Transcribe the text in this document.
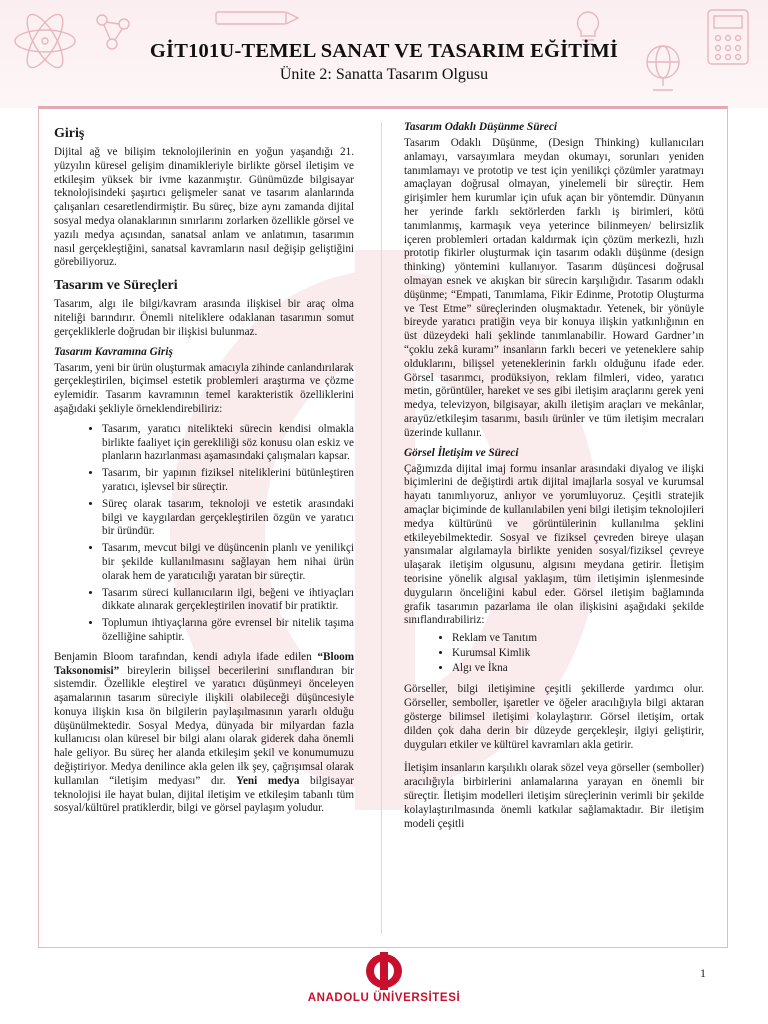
GİT101U-TEMEL SANAT VE TASARIM EĞİTİMİ
Ünite 2: Sanatta Tasarım Olgusu
Giriş

Dijital ağ ve bilişim teknolojilerinin en yoğun yaşandığı 21. yüzyılın küresel gelişim dinamikleriyle birlikte görsel iletişim ve etkileşim yüksek bir ivme kazanmıştır. Günümüzde bilgisayar teknolojisindeki şaşırtıcı gelişmeler sanat ve tasarım alanlarında çalışanları cesaretlendirmiştir. Bu süreç, bize aynı zamanda dijital sosyal medya olanaklarının sınırlarını zorlarken özellikle görsel ve yazılı medya açısından, sanatsal anlam ve anlatımın, tasarımın nasıl gerçekleştiğini, sanatsal kavramların nasıl değişip geliştiğini görebiliyoruz.

Tasarım ve Süreçleri

Tasarım, algı ile bilgi/kavram arasında ilişkisel bir araç olma niteliği barındırır. Önemli niteliklere odaklanan tasarımın somut gerçekliklerle doğrudan bir ilişkisi bulunmaz.

Tasarım Kavramına Giriş

Tasarım, yeni bir ürün oluşturmak amacıyla zihinde canlandırılarak gerçekleştirilen, biçimsel estetik problemleri araştırma ve çözme eylemidir. Tasarım kavramının temel karakteristik özelliklerini aşağıdaki şekliyle örneklendirebiliriz:

• Tasarım, yaratıcı nitelikteki sürecin kendisi olmakla birlikte faaliyet için gerekliliği söz konusu olan eskiz ve planların hazırlanması aşamasındaki çalışmaları kapsar.
• Tasarım, bir yapının fiziksel niteliklerini bütünleştiren yaratıcı, işlevsel bir süreçtir.
• Süreç olarak tasarım, teknoloji ve estetik arasındaki bilgi ve kaygılardan gerçekleştirilen özgün ve yaratıcı bir üründür.
• Tasarım, mevcut bilgi ve düşüncenin planlı ve yenilikçi bir şekilde kullanılmasını sağlayan hem nihai ürün olarak hem de yaratıcılığı yaratan bir süreçtir.
• Tasarım süreci kullanıcıların ilgi, beğeni ve ihtiyaçları dikkate alınarak gerçekleştirilen inovatif bir pratiktir.
• Toplumun ihtiyaçlarına göre evrensel bir nitelik taşıma özelliğine sahiptir.

Benjamin Bloom tarafından, kendi adıyla ifade edilen “Bloom Taksonomisi” bireylerin bilişsel becerilerini sınıflandıran bir sistemdir. Özellikle eleştirel ve yaratıcı düşünmeyi önceleyen aşamalarının tasarım süreciyle ilişkili olabileceği düşüncesiyle konuya ilişkin kısa ön bilgilerin paylaşılmasının yararlı olduğu düşünülmektedir. Sosyal Medya, dünyada bir milyardan fazla kullanıcısı olan küresel bir bilgi alanı olarak giderek daha önemli hale geliyor. Bu süreç her alanda etkileşim şekil ve konumumuzu değiştiriyor. Medya denilince akla gelen ilk şey, çağrışımsal olarak kullanılan “iletişim medyası” dır. Yeni medya bilgisayar teknolojisi ile hayat bulan, dijital iletişim ve etkileşim tabanlı tüm sosyal/kültürel pratiklerdir, bilgi ve görsel paylaşım yoludur.

Tasarım Odaklı Düşünme Süreci

Tasarım Odaklı Düşünme, (Design Thinking) kullanıcıları anlamayı, varsayımlara meydan okumayı, sorunları yeniden tanımlamayı ve prototip ve test için yenilikçi çözümler yaratmayı amaçlayan doğrusal olmayan, yinelemeli bir süreçtir. Hem girişimler hem kurumlar için ufuk açan bir yöntemdir. Dünyanın her yerinde farklı sektörlerden farklı iş birimleri, kötü tanımlanmış, karmaşık veya yeterince bilinmeyen/ belirsizlik içeren problemleri ortadan kaldırmak için çözüm merkezli, hızlı prototip fikirler oluşturmak için tasarım odaklı düşünme (design thinking) yöntemini kullanıyor. Tasarım düşüncesi doğrusal olmayan esnek ve akışkan bir sürecin karşılığıdır. Tasarım odaklı düşünme; “Empati, Tanımlama, Fikir Edinme, Prototip Oluşturma ve Test Etme” süreçlerinden oluşmaktadır. Yetenek, bir yönüyle bireyde yaratıcı pratiğin veya bir konuya ilişkin yatkınlığının en üst düzeydeki hali şeklinde tanımlanabilir. Howard Gardner’ın “çoklu zekâ kuramı” insanların farklı beceri ve yeteneklere sahip olduklarını, bilişsel yeteneklerinin farklı olduğunu ifade eder. Görsel tasarımcı, prodüksiyon, reklam filmleri, video, yaratıcı metin, görüntüler, hareket ve ses gibi iletişim araçlarını gerek yeni medya, televizyon, bilgisayar, akıllı iletişim araçları ve mekânlar, arayüz/etkileşim tasarımı, basılı ürünler ve tüm iletişim mecraları üzerinde kullanır.

Görsel İletişim ve Süreci

Çağımızda dijital imaj formu insanlar arasındaki diyalog ve ilişki biçimlerini de değiştirdi artık dijital imajlarla sosyal ve kurumsal hayatı tanımlıyoruz, anlıyor ve yorumluyoruz. Çeşitli stratejik amaçlar biçiminde de kullanılabilen yeni bilgi iletişim teknolojileri medya kültürünü ve görüntülerinin kullanılma şeklini etkileyebilmektedir. Sosyal ve fiziksel çevreden bireye ulaşan yansımalar algılamayla birlikte yeniden sosyal/fiziksel çevreye ulaşarak iletişim olgusunu, algısını meydana getirir. İletişim teorisine yönelik algısal yaklaşım, tüm iletişimin işlenmesinde duyguların önceliğini kabul eder. Görsel iletişim bağlamında grafik tasarımın pazarlama ile olan ilişkisini aşağıdaki şekilde sınıflandırabiliriz:

• Reklam ve Tanıtım
• Kurumsal Kimlik
• Algı ve İkna

Görseller, bilgi iletişimine çeşitli şekillerde yardımcı olur. Görseller, semboller, işaretler ve öğeler aracılığıyla bilgi aktaran gösterge bilimsel iletişimi kolaylaştırır. Görsel iletişim, ortak dilden çok daha derin bir düzeyde gerçekleşir, ilgiyi geliştirir, duyguları etkiler ve kültürel kavramları akla getirir.

İletişim insanların karşılıklı olarak sözel veya görseller (semboller) aracılığıyla birbirlerini anlamalarına yarayan en önemli bir süreçtir. İletişim modelleri iletişim süreçlerinin verimli bir şekilde kolaylaştırılmasında önemli katkılar sağlamaktadır. Bir iletişim modeli çeşitli

1
ANADOLU ÜNİVERSİTESİ
